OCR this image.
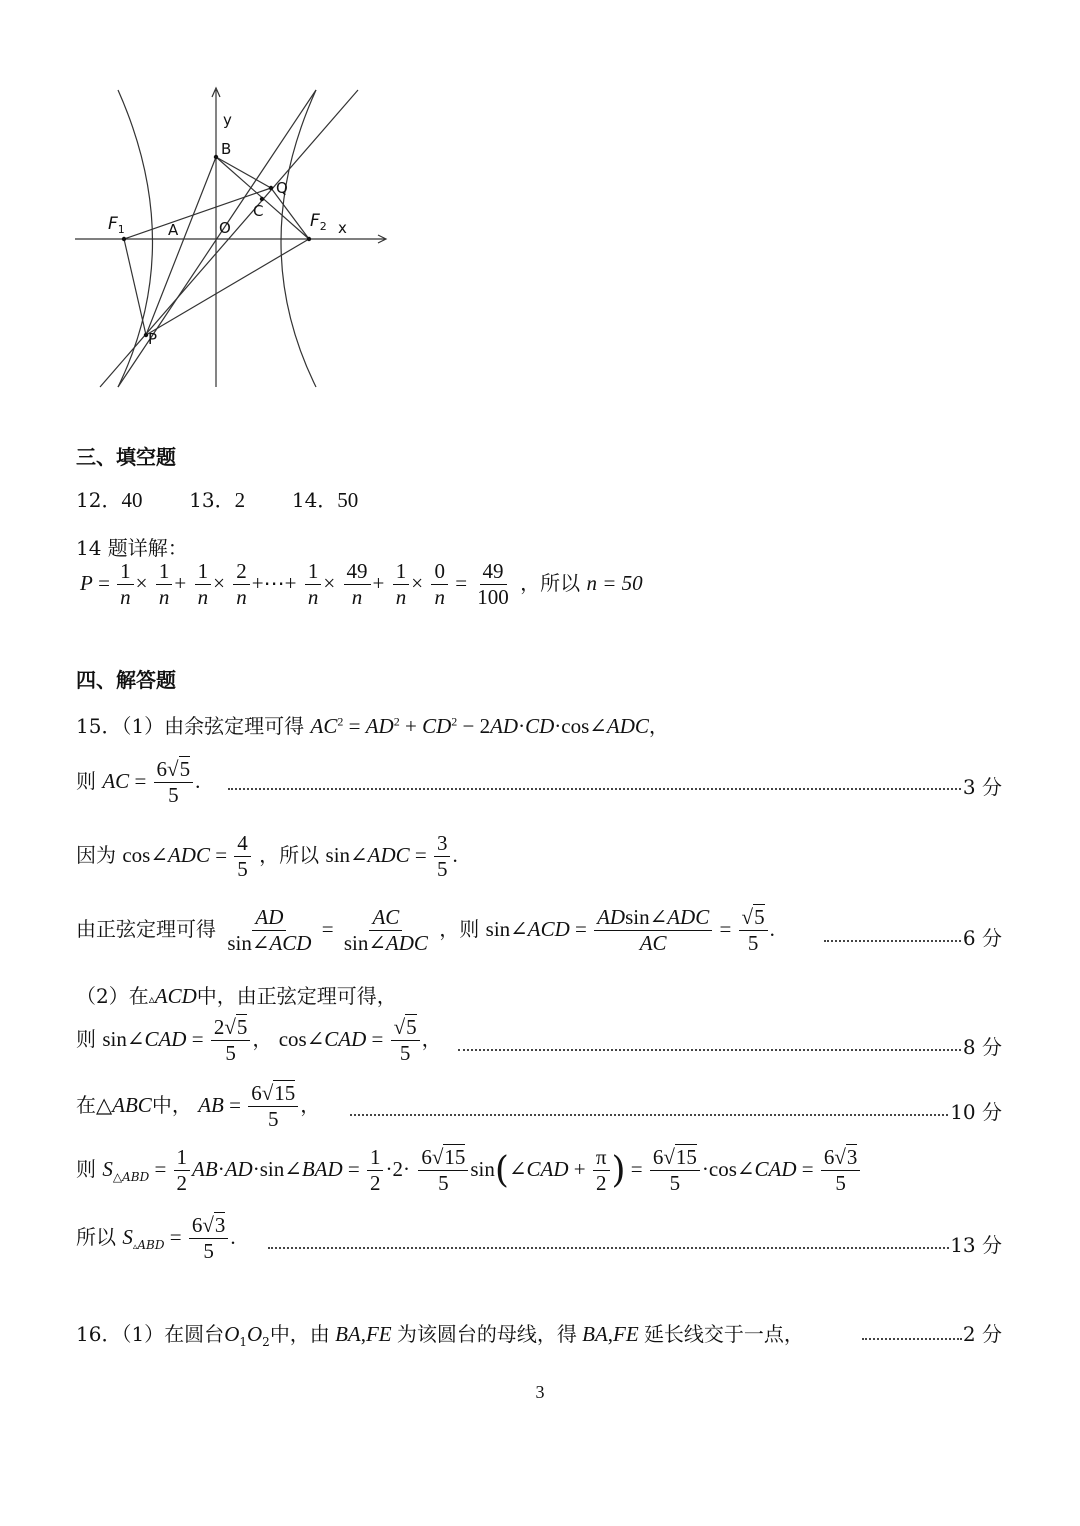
y
x
B
Q
C
A	O
P
$F_1$	$F_2$
三、填空题
12．40 13．2 14．50
14 题详解：
$P = \frac{1}{n} \times \frac{1}{n} + \frac{1}{n} \times \frac{2}{n}$ +⋯+ $\frac{1}{n} \times \frac{49}{n} + \frac{1}{n} \times \frac{0}{n} = \frac{49}{100}$ ，所以 n = 50
四、解答题
15．（1）由余弦定理可得 $AC^2 = AD^2 + CD^2$ − 2AD·CD·cos∠ADC，
则 AC = $\frac{6√5}{5}$ .	3 分
因为 cos∠ADC = $\frac{4}{5}$ ，所以 sin∠ADC = $\frac{3}{5}$ .
由正弦定理可得 $\frac{AD}{\text{sin∠ACD}} = \frac{AC}{\text{sin∠ADC}}$ ，则 sin∠ACD = $\frac{\text{ADsin∠ADC}}{AC} = \frac{√5}{5}$ .	6 分
（2）在▵ACD中，由正弦定理可得，
则 sin∠CAD = $\frac{2√5}{5}$ ， cos∠CAD = $\frac{√5}{5}$ ，	8 分
在△ABC中， AB = $\frac{6√15}{5}$ ，	10 分
则 $S_{\triangle ABD} = \frac{1}{2}$ AB·AD·sin∠BAD = $\frac{1}{2} \cdot 2\cdot \frac{6√15}{5}$ sin(∠CAD + $\frac{\pi}{2}$ ) = $\frac{6√15}{5}$ ·cos∠CAD = $\frac{6√3}{5}$
所以 $S_{▵ABD} = \frac{6√3}{5}$ .	13 分
16．（1）在圆台$O_1O_2$中，由 BA,FE 为该圆台的母线，得 BA,FE 延长线交于一点，	2 分
3
